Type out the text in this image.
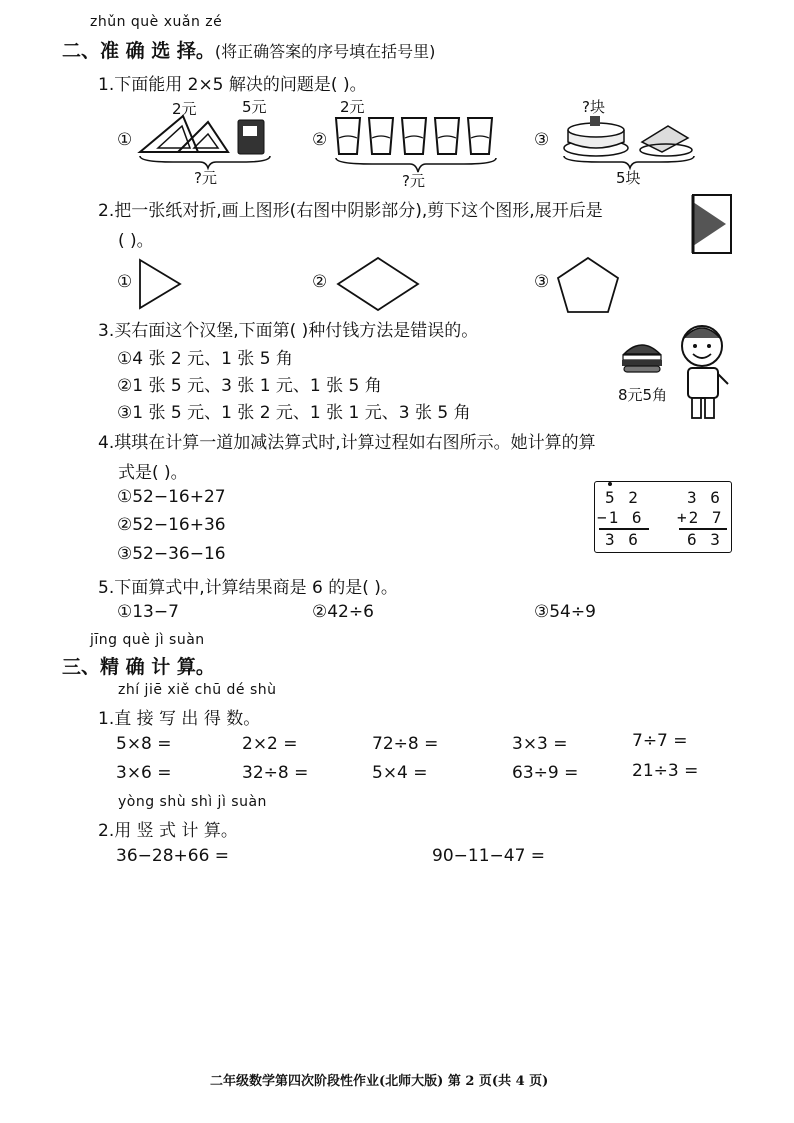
zhǔn què xuǎn zé
二、准 确 选 择。(将正确答案的序号填在括号里)
1.下面能用 2×5 解决的问题是( )。
①
2元	5元
?元
②
2元
?元
③
?块
5块
2.把一张纸对折,画上图形(右图中阴影部分),剪下这个图形,展开后是
( )。
①	②	③
3.买右面这个汉堡,下面第( )种付钱方法是错误的。
①4 张 2 元、1 张 5 角
②1 张 5 元、3 张 1 元、1 张 5 角
③1 张 5 元、1 张 2 元、1 张 1 元、3 张 5 角
8元5角
4.琪琪在计算一道加减法算式时,计算过程如右图所示。她计算的算
式是( )。
①52−16+27
②52−16+36
③52−36−16
5 2
−1 6
3 6
3 6
+2 7
6 3
5.下面算式中,计算结果商是 6 的是( )。
①13−7	②42÷6	③54÷9
jīng què jì suàn
三、精 确 计 算。
zhí jiē xiě chū dé shù
1.直 接 写 出 得 数。
5×8 =	2×2 =	72÷8 =	3×3 =	7÷7 =
3×6 =	32÷8 =	5×4 =	63÷9 =	21÷3 =
yòng shù shì jì suàn
2.用 竖 式 计 算。
36−28+66 =	90−11−47 =
二年级数学第四次阶段性作业(北师大版) 第 2 页(共 4 页)
